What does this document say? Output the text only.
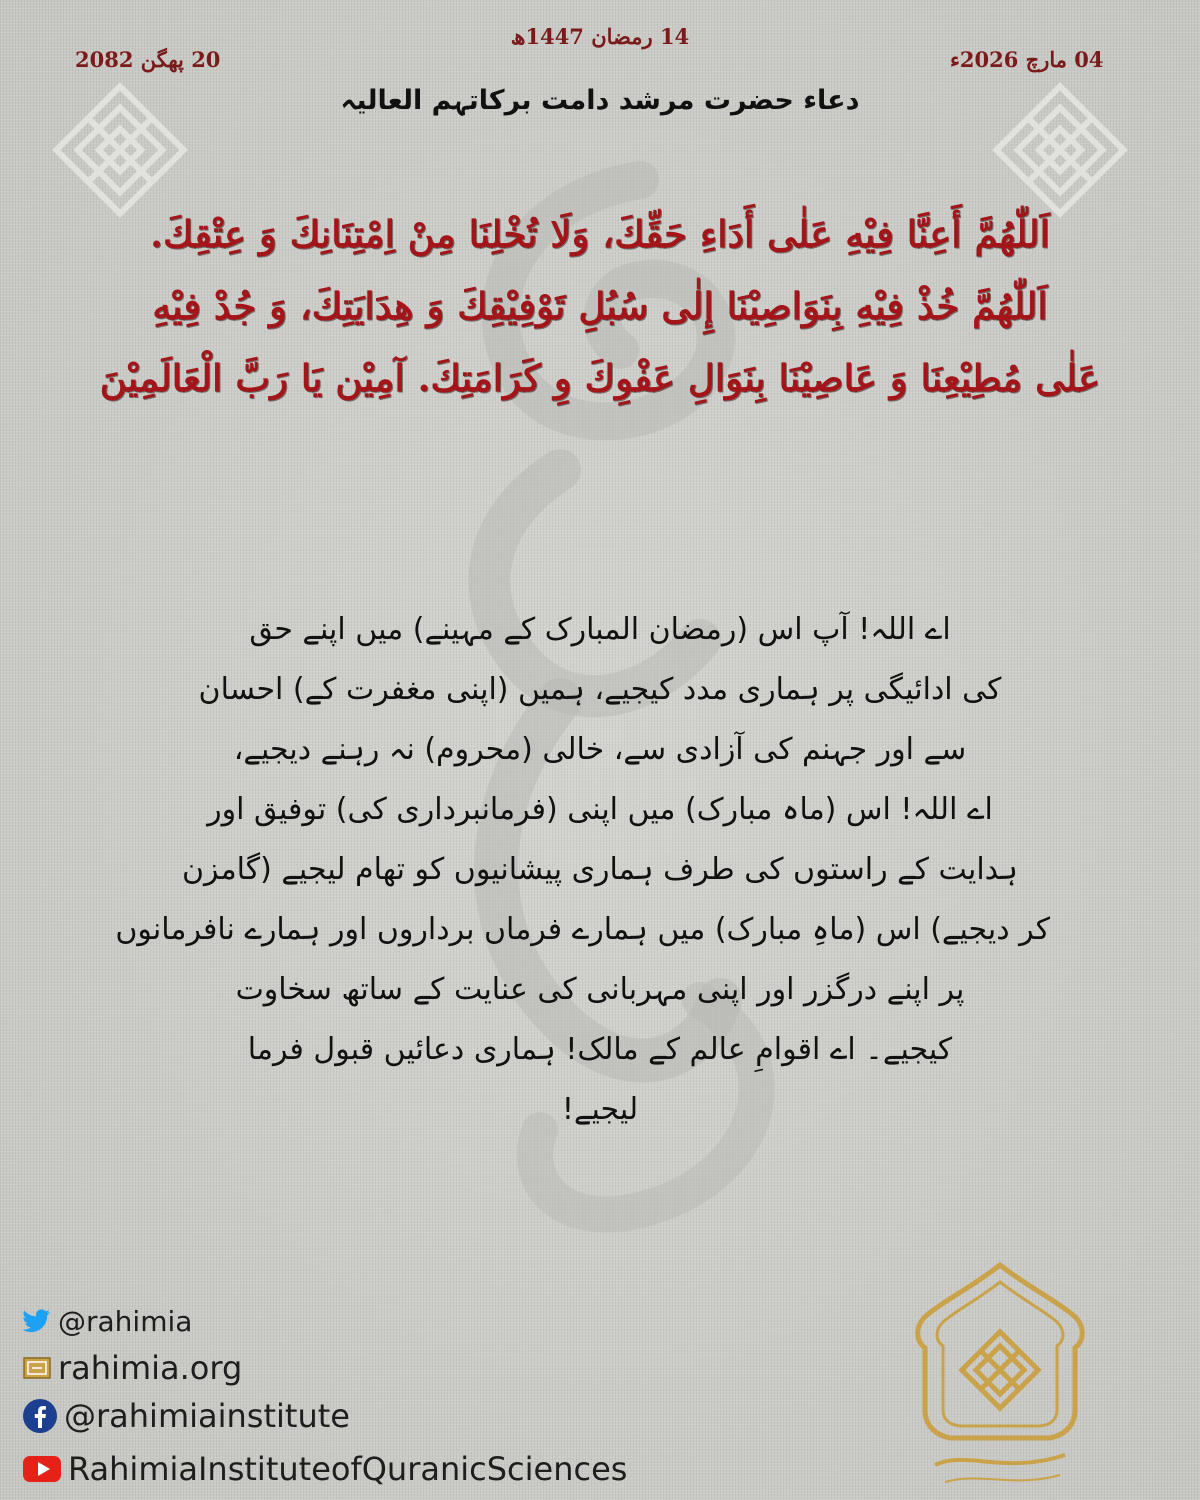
20 پھگن 2082
14 رمضان 1447ھ
04 مارچ 2026ء
دعاء حضرت مرشد دامت برکاتہم العالیہ
اَللّٰهُمَّ أَعِنَّا فِيْهِ عَلٰى أَدَاءِ حَقِّكَ، وَلَا تُخْلِنَا مِنْ اِمْتِنَانِكَ وَ عِتْقِكَ.
اَللّٰهُمَّ خُذْ فِيْهِ بِنَوَاصِيْنَا إِلٰى سُبُلِ تَوْفِيْقِكَ وَ هِدَايَتِكَ، وَ جُدْ فِيْهِ
عَلٰى مُطِيْعِنَا وَ عَاصِيْنَا بِنَوَالِ عَفْوِكَ وِ كَرَامَتِكَ. آمِيْن يَا رَبَّ الْعَالَمِيْنَ
اے اللہ! آپ اس (رمضان المبارک کے مہینے) میں اپنے حق
کی ادائیگی پر ہماری مدد کیجیے، ہمیں (اپنی مغفرت کے) احسان
سے اور جہنم کی آزادی سے، خالی (محروم) نہ رہنے دیجیے،
اے اللہ! اس (ماہ مبارک) میں اپنی (فرمانبرداری کی) توفیق اور
ہدایت کے راستوں کی طرف ہماری پیشانیوں کو تھام لیجیے (گامزن
کر دیجیے) اس (ماہِ مبارک) میں ہمارے فرماں برداروں اور ہمارے نافرمانوں
پر اپنے درگزر اور اپنی مہربانی کی عنایت کے ساتھ سخاوت
کیجیے۔ اے اقوامِ عالم کے مالک! ہماری دعائیں قبول فرما
لیجیے!
@rahimia
rahimia.org
@rahimiainstitute
RahimiaInstituteofQuranicSciences
